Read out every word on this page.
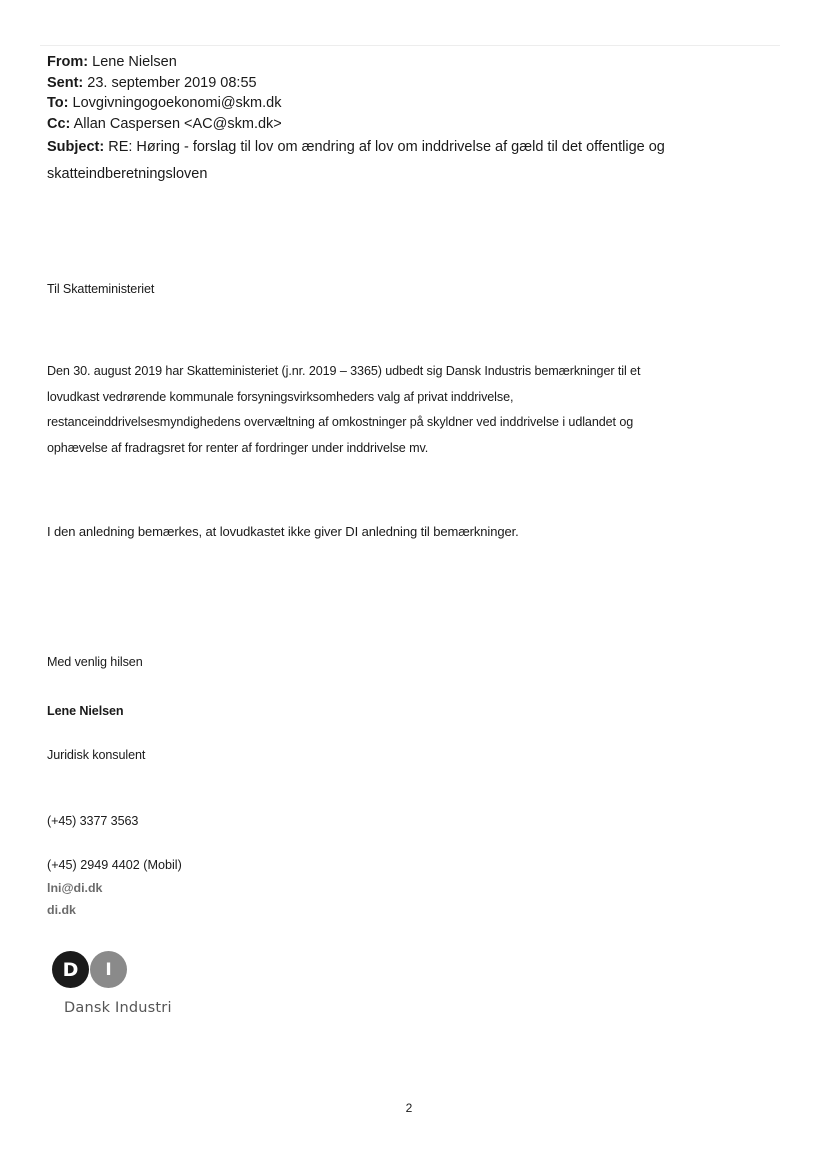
From: Lene Nielsen
Sent: 23. september 2019 08:55
To: Lovgivningogoekonomi@skm.dk
Cc: Allan Caspersen <AC@skm.dk>
Subject: RE: Høring - forslag til lov om ændring af lov om inddrivelse af gæld til det offentlige og
skatteindberetningsloven
Til Skatteministeriet
Den 30. august 2019 har Skatteministeriet (j.nr. 2019 – 3365) udbedt sig Dansk Industris bemærkninger til et
lovudkast vedrørende kommunale forsyningsvirksomheders valg af privat inddrivelse,
restanceinddrivelsesmyndighedens overvæltning af omkostninger på skyldner ved inddrivelse i udlandet og
ophævelse af fradragsret for renter af fordringer under inddrivelse mv.
I den anledning bemærkes, at lovudkastet ikke giver DI anledning til bemærkninger.
Med venlig hilsen
Lene Nielsen
Juridisk konsulent
(+45) 3377 3563
(+45) 2949 4402 (Mobil)
lni@di.dk
di.dk
D	I
Dansk Industri
2
